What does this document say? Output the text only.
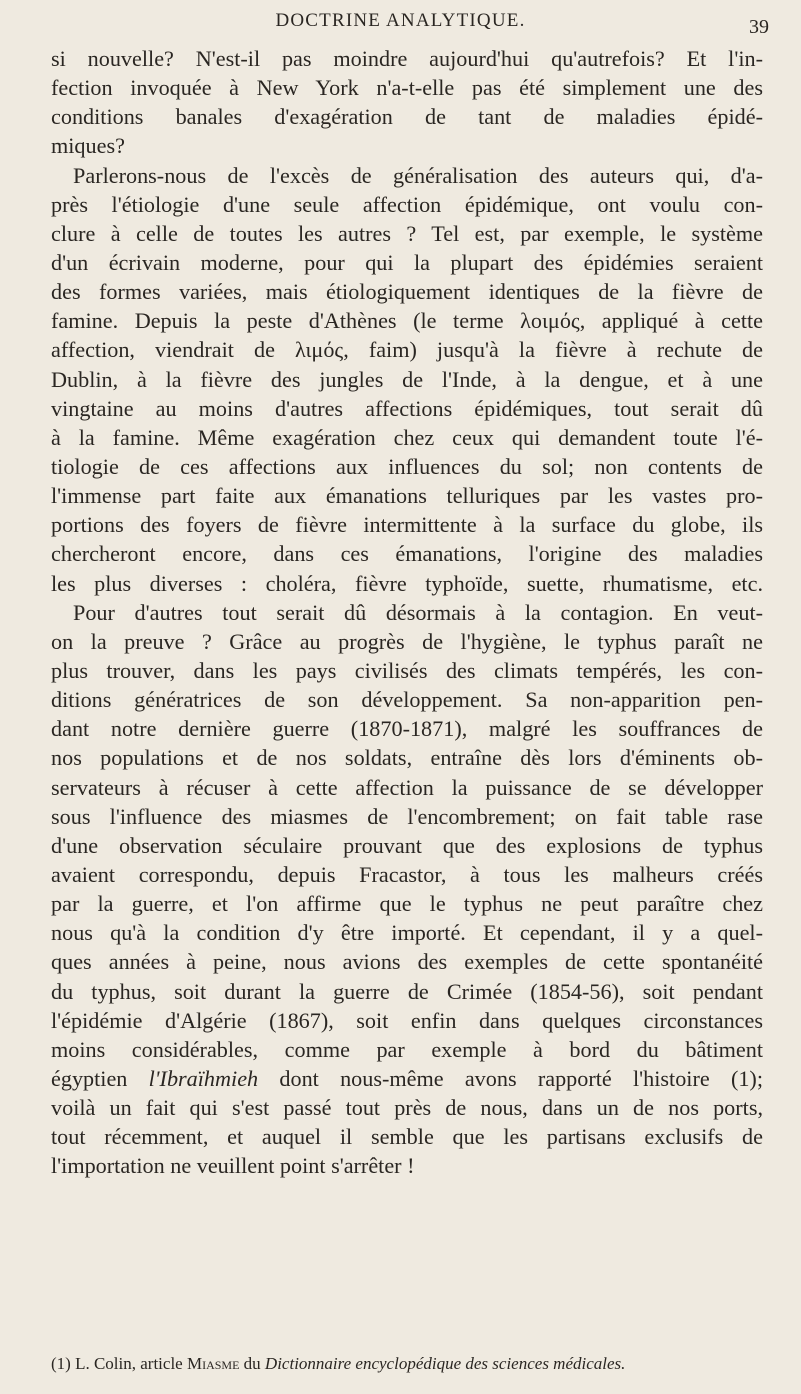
DOCTRINE ANALYTIQUE.	39
si nouvelle? N'est-il pas moindre aujourd'hui qu'autrefois? Et l'in-
fection invoquée à New York n'a-t-elle pas été simplement une des
conditions banales d'exagération de tant de maladies épidé-
miques?
Parlerons-nous de l'excès de généralisation des auteurs qui, d'a-
près l'étiologie d'une seule affection épidémique, ont voulu con-
clure à celle de toutes les autres ? Tel est, par exemple, le système
d'un écrivain moderne, pour qui la plupart des épidémies seraient
des formes variées, mais étiologiquement identiques de la fièvre de
famine. Depuis la peste d'Athènes (le terme λοιμός, appliqué à cette
affection, viendrait de λιμός, faim) jusqu'à la fièvre à rechute de
Dublin, à la fièvre des jungles de l'Inde, à la dengue, et à une
vingtaine au moins d'autres affections épidémiques, tout serait dû
à la famine. Même exagération chez ceux qui demandent toute l'é-
tiologie de ces affections aux influences du sol; non contents de
l'immense part faite aux émanations telluriques par les vastes pro-
portions des foyers de fièvre intermittente à la surface du globe, ils
chercheront encore, dans ces émanations, l'origine des maladies
les plus diverses : choléra, fièvre typhoïde, suette, rhumatisme, etc.
Pour d'autres tout serait dû désormais à la contagion. En veut-
on la preuve ? Grâce au progrès de l'hygiène, le typhus paraît ne
plus trouver, dans les pays civilisés des climats tempérés, les con-
ditions génératrices de son développement. Sa non-apparition pen-
dant notre dernière guerre (1870-1871), malgré les souffrances de
nos populations et de nos soldats, entraîne dès lors d'éminents ob-
servateurs à récuser à cette affection la puissance de se développer
sous l'influence des miasmes de l'encombrement; on fait table rase
d'une observation séculaire prouvant que des explosions de typhus
avaient correspondu, depuis Fracastor, à tous les malheurs créés
par la guerre, et l'on affirme que le typhus ne peut paraître chez
nous qu'à la condition d'y être importé. Et cependant, il y a quel-
ques années à peine, nous avions des exemples de cette spontanéité
du typhus, soit durant la guerre de Crimée (1854-56), soit pendant
l'épidémie d'Algérie (1867), soit enfin dans quelques circonstances
moins considérables, comme par exemple à bord du bâtiment
égyptien l'Ibraïhmieh dont nous-même avons rapporté l'histoire (1);
voilà un fait qui s'est passé tout près de nous, dans un de nos ports,
tout récemment, et auquel il semble que les partisans exclusifs de
l'importation ne veuillent point s'arrêter !
(1) L. Colin, article Miasme du Dictionnaire encyclopédique des sciences médicales.
